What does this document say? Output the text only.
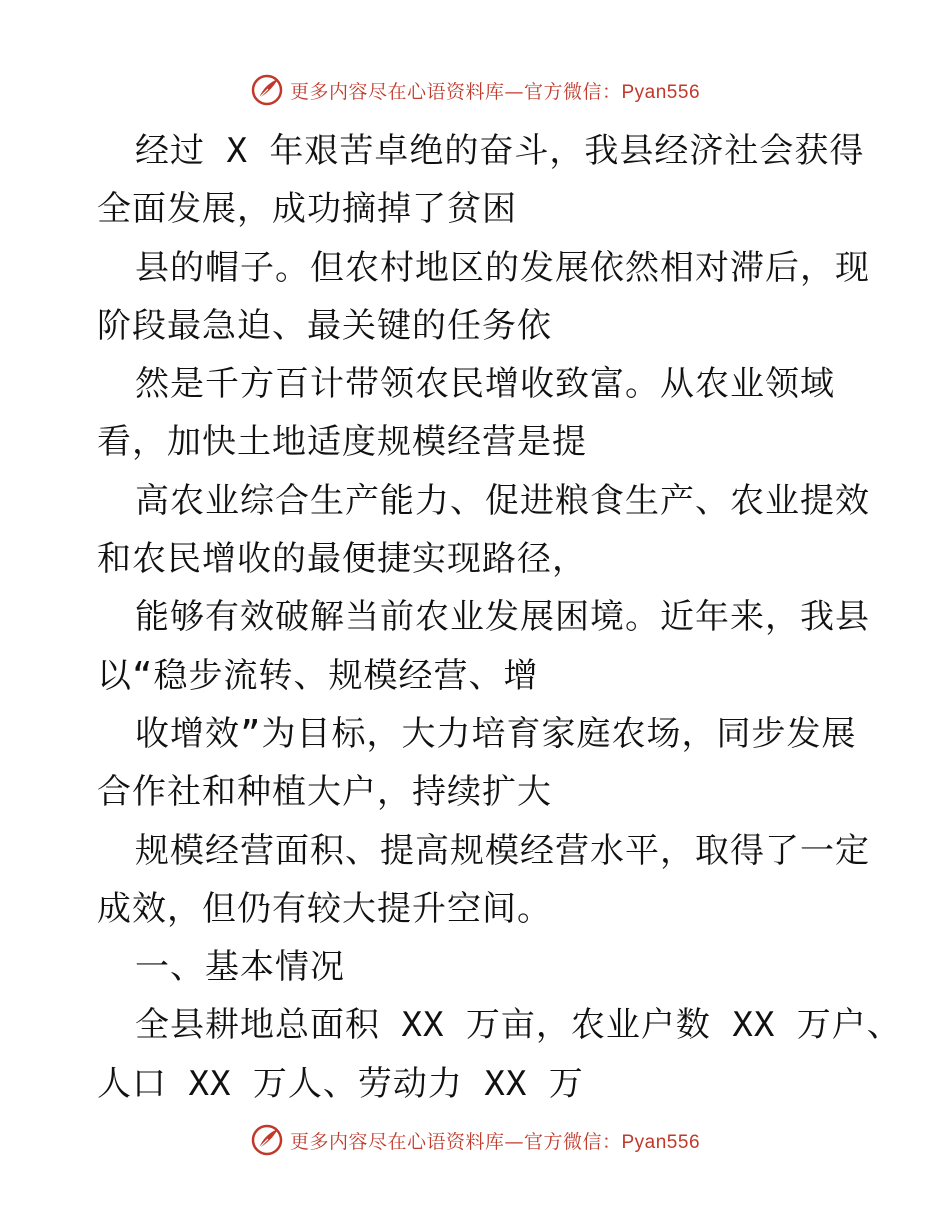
更多内容尽在心语资料库—官方微信：Pyan556
经过 X 年艰苦卓绝的奋斗，我县经济社会获得
全面发展，成功摘掉了贫困
县的帽子。但农村地区的发展依然相对滞后，现
阶段最急迫、最关键的任务依
然是千方百计带领农民增收致富。从农业领域
看，加快土地适度规模经营是提
高农业综合生产能力、促进粮食生产、农业提效
和农民增收的最便捷实现路径，
能够有效破解当前农业发展困境。近年来，我县
以“稳步流转、规模经营、增
收增效”为目标，大力培育家庭农场，同步发展
合作社和种植大户，持续扩大
规模经营面积、提高规模经营水平，取得了一定
成效，但仍有较大提升空间。
一、基本情况
全县耕地总面积 XX 万亩，农业户数 XX 万户、
人口 XX 万人、劳动力 XX 万
更多内容尽在心语资料库—官方微信：Pyan556
